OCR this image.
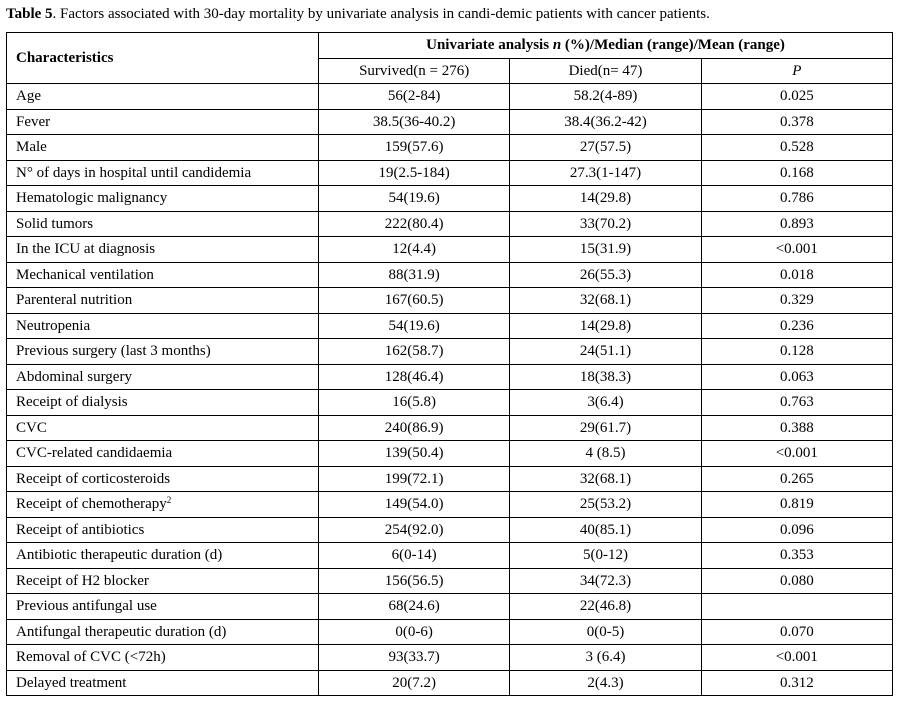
Table 5. Factors associated with 30-day mortality by univariate analysis in candi-demic patients with cancer patients.
Characteristics	Univariate analysis n (%)/Median (range)/Mean (range)		
	Survived(n = 276)	Died(n= 47)	P
Age	56(2-84)	58.2(4-89)	0.025
Fever	38.5(36-40.2)	38.4(36.2-42)	0.378
Male	159(57.6)	27(57.5)	0.528
N° of days in hospital until candidemia	19(2.5-184)	27.3(1-147)	0.168
Hematologic malignancy	54(19.6)	14(29.8)	0.786
Solid tumors	222(80.4)	33(70.2)	0.893
In the ICU at diagnosis	12(4.4)	15(31.9)	<0.001
Mechanical ventilation	88(31.9)	26(55.3)	0.018
Parenteral nutrition	167(60.5)	32(68.1)	0.329
Neutropenia	54(19.6)	14(29.8)	0.236
Previous surgery (last 3 months)	162(58.7)	24(51.1)	0.128
Abdominal surgery	128(46.4)	18(38.3)	0.063
Receipt of dialysis	16(5.8)	3(6.4)	0.763
CVC	240(86.9)	29(61.7)	0.388
CVC-related candidaemia	139(50.4)	4 (8.5)	<0.001
Receipt of corticosteroids	199(72.1)	32(68.1)	0.265
Receipt of chemotherapy$^2$	149(54.0)	25(53.2)	0.819
Receipt of antibiotics	254(92.0)	40(85.1)	0.096
Antibiotic therapeutic duration (d)	6(0-14)	5(0-12)	0.353
Receipt of H2 blocker	156(56.5)	34(72.3)	0.080
Previous antifungal use	68(24.6)	22(46.8)	
Antifungal therapeutic duration (d)	0(0-6)	0(0-5)	0.070
Removal of CVC (<72h)	93(33.7)	3 (6.4)	<0.001
Delayed treatment	20(7.2)	2(4.3)	0.312
